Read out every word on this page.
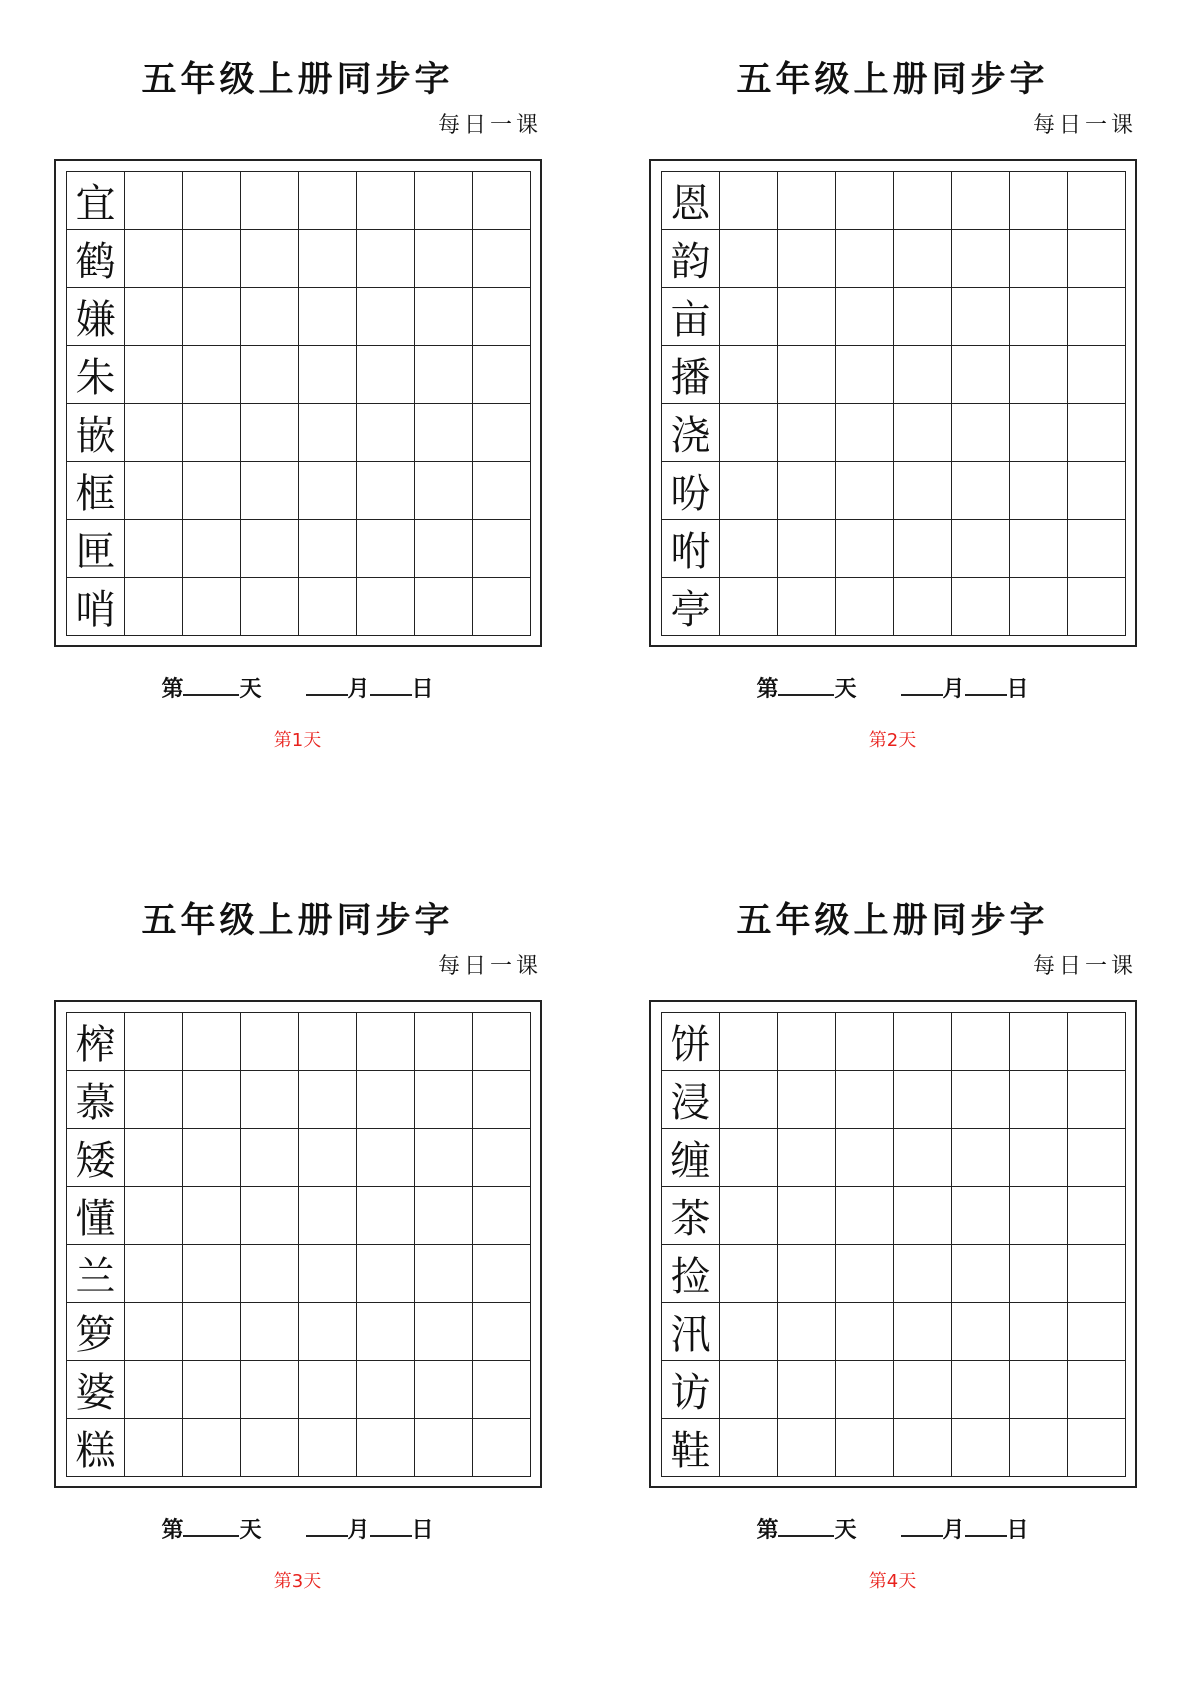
五年级上册同步字
每日一课
宜
鹤
嫌
朱
嵌
框
匣
哨
第	天	月 日
第1天
五年级上册同步字
每日一课
恩
韵
亩
播
浇
吩
咐
亭
第	天	月 日
第2天
五年级上册同步字
每日一课
榨
慕
矮
懂
兰
箩
婆
糕
第	天	月 日
第3天
五年级上册同步字
每日一课
饼
浸
缠
茶
捡
汛
访
鞋
第	天	月 日
第4天
